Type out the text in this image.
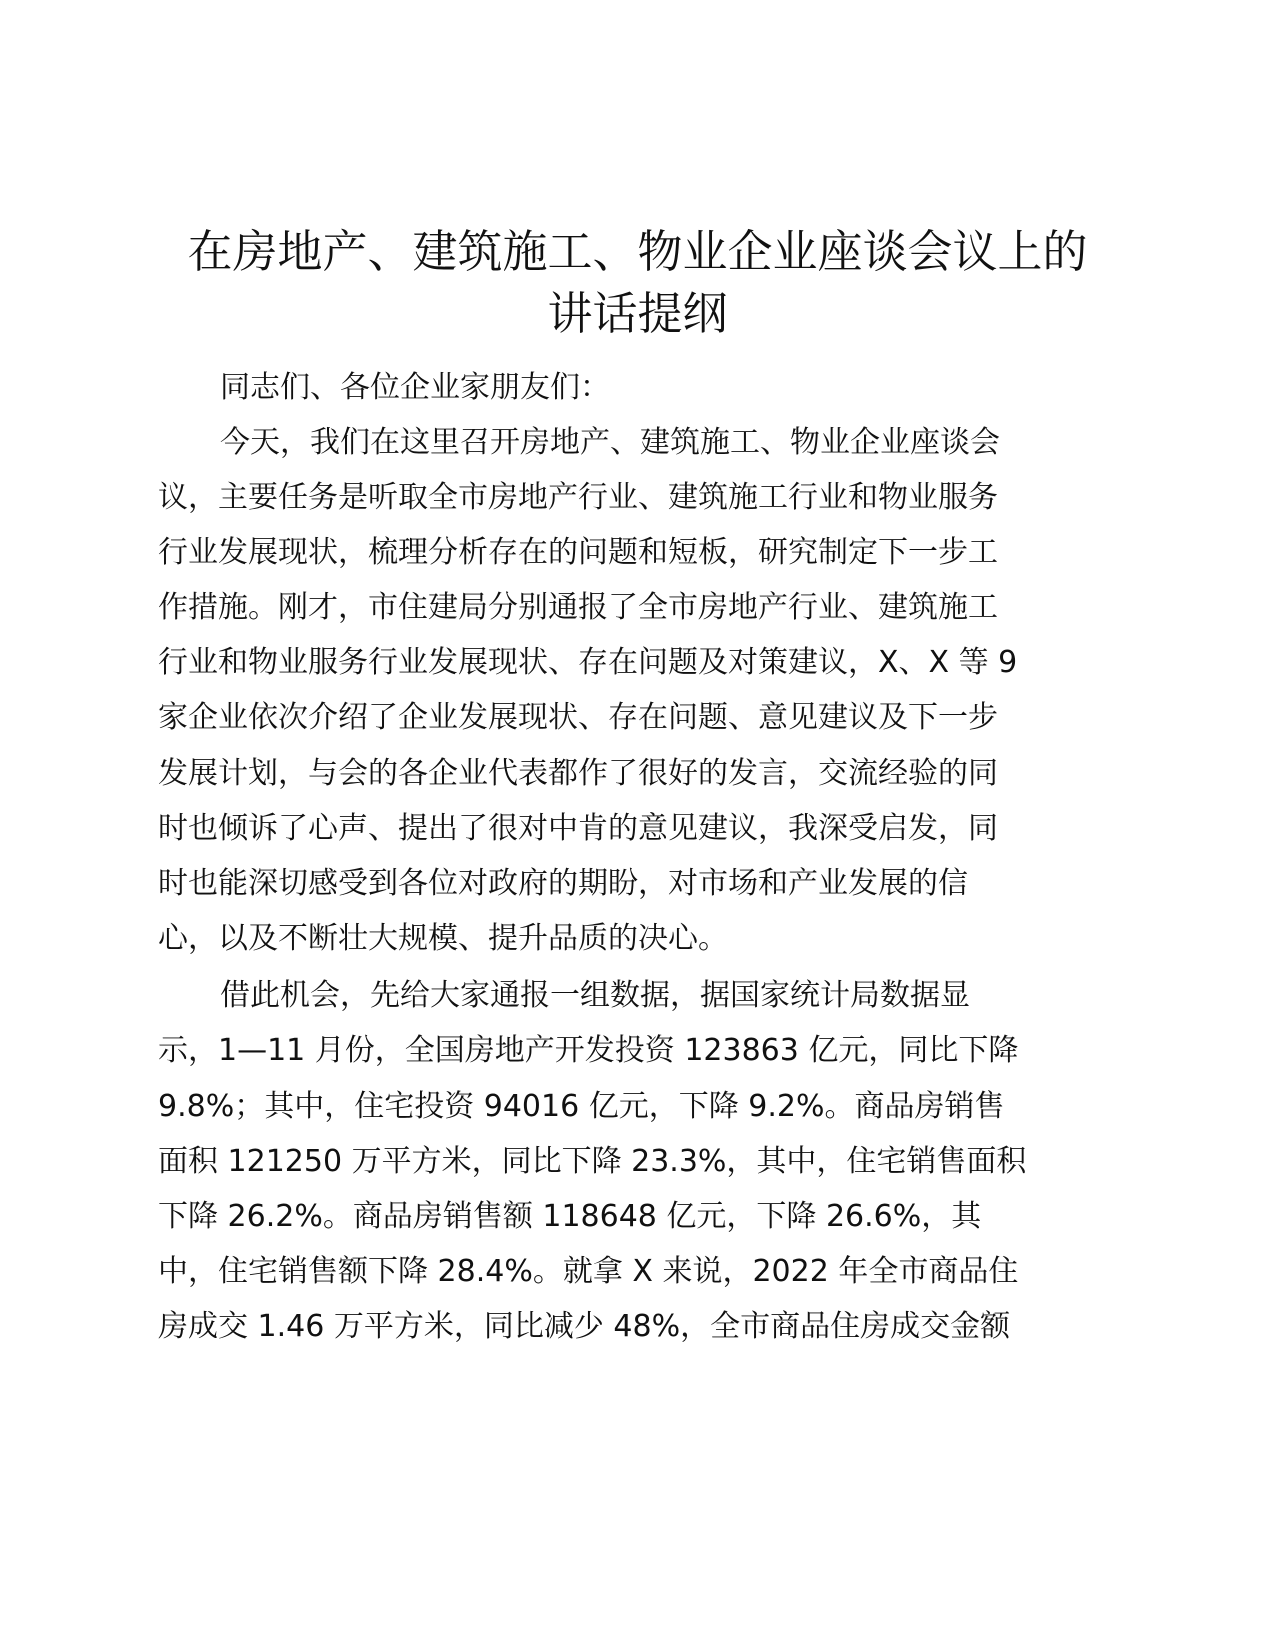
在房地产、建筑施工、物业企业座谈会议上的
讲话提纲

同志们、各位企业家朋友们：

今天，我们在这里召开房地产、建筑施工、物业企业座谈会

议，主要任务是听取全市房地产行业、建筑施工行业和物业服务

行业发展现状，梳理分析存在的问题和短板，研究制定下一步工

作措施。刚才，市住建局分别通报了全市房地产行业、建筑施工

行业和物业服务行业发展现状、存在问题及对策建议，X、X 等 9

家企业依次介绍了企业发展现状、存在问题、意见建议及下一步

发展计划，与会的各企业代表都作了很好的发言，交流经验的同

时也倾诉了心声、提出了很对中肯的意见建议，我深受启发，同

时也能深切感受到各位对政府的期盼，对市场和产业发展的信

心，以及不断壮大规模、提升品质的决心。

借此机会，先给大家通报一组数据，据国家统计局数据显

示，1—11 月份，全国房地产开发投资 123863 亿元，同比下降

9.8%；其中，住宅投资 94016 亿元，下降 9.2%。商品房销售

面积 121250 万平方米，同比下降 23.3%，其中，住宅销售面积

下降 26.2%。商品房销售额 118648 亿元，下降 26.6%，其

中，住宅销售额下降 28.4%。就拿 X 来说，2022 年全市商品住

房成交 1.46 万平方米，同比减少 48%，全市商品住房成交金额
